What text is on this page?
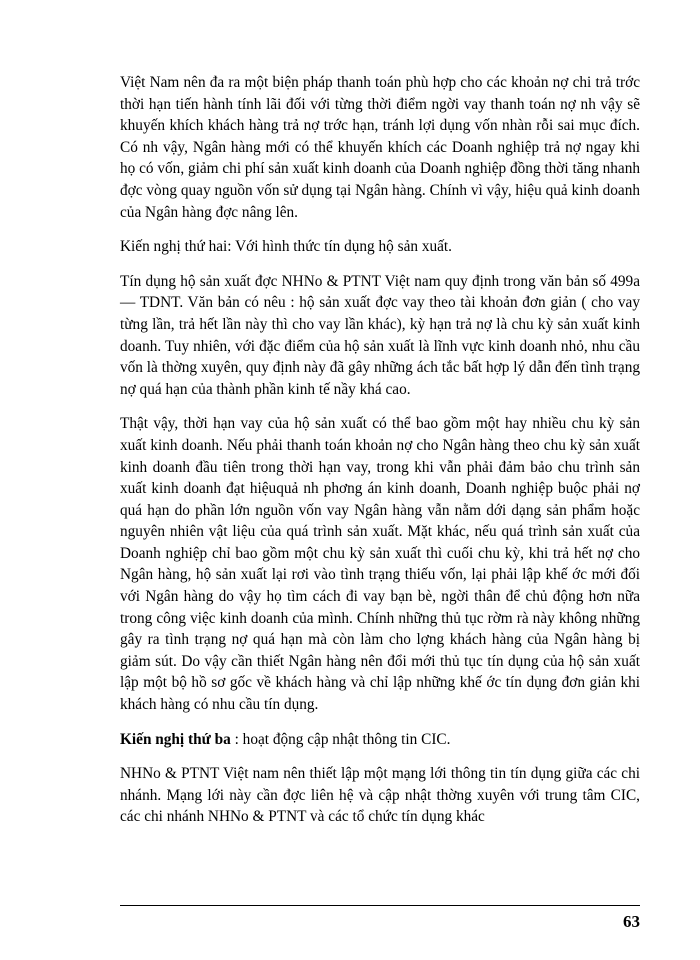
Việt Nam nên đa ra một biện pháp thanh toán phù hợp cho các khoản nợ chi trả trớc thời hạn tiến hành tính lãi đối với từng thời điểm ngời vay thanh toán nợ nh vậy sẽ khuyến khích khách hàng trả nợ trớc hạn, tránh lợi dụng vốn nhàn rỗi sai mục đích. Có nh vậy, Ngân hàng mới có thể khuyến khích các Doanh nghiệp trả nợ ngay khi họ có vốn, giảm chi phí sản xuất kinh doanh của Doanh nghiệp đồng thời tăng nhanh đợc vòng quay nguồn vốn sử dụng tại Ngân hàng. Chính vì vậy, hiệu quả kinh doanh của Ngân hàng đợc nâng lên.

Kiến nghị thứ hai: Với hình thức tín dụng hộ sản xuất.

Tín dụng hộ sản xuất đợc NHNo & PTNT Việt nam quy định trong văn bản số 499a — TDNT. Văn bản có nêu : hộ sản xuất đợc vay theo tài khoản đơn giản ( cho vay từng lần, trả hết lần này thì cho vay lần khác), kỳ hạn trả nợ là chu kỳ sản xuất kinh doanh. Tuy nhiên, với đặc điểm của hộ sản xuất là lĩnh vực kinh doanh nhỏ, nhu cầu vốn là thờng xuyên, quy định này đã gây những ách tắc bất hợp lý dẫn đến tình trạng nợ quá hạn của thành phần kinh tế nầy khá cao.

Thật vậy, thời hạn vay của hộ sản xuất có thể bao gồm một hay nhiều chu kỳ sản xuất kinh doanh. Nếu phải thanh toán khoản nợ cho Ngân hàng theo chu kỳ sản xuất kinh doanh đầu tiên trong thời hạn vay, trong khi vẫn phải đảm bảo chu trình sản xuất kinh doanh đạt hiệuquả nh phơng án kinh doanh, Doanh nghiệp buộc phải nợ quá hạn do phần lớn nguồn vốn vay Ngân hàng vẫn nằm dới dạng sản phẩm hoặc nguyên nhiên vật liệu của quá trình sản xuất. Mặt khác, nếu quá trình sản xuất của Doanh nghiệp chỉ bao gồm một chu kỳ sản xuất thì cuối chu kỳ, khi trả hết nợ cho Ngân hàng, hộ sản xuất lại rơi vào tình trạng thiếu vốn, lại phải lập khế ớc mới đối với Ngân hàng do vậy họ tìm cách đi vay bạn bè, ngời thân để chủ động hơn nữa trong công việc kinh doanh của mình. Chính những thủ tục rờm rà này không những gây ra tình trạng nợ quá hạn mà còn làm cho lợng khách hàng của Ngân hàng bị giảm sút. Do vậy cần thiết Ngân hàng nên đổi mới thủ tục tín dụng của hộ sản xuất lập một bộ hồ sơ gốc về khách hàng và chỉ lập những khế ớc tín dụng đơn giản khi khách hàng có nhu cầu tín dụng.

Kiến nghị thứ ba : hoạt động cập nhật thông tin CIC.

NHNo & PTNT Việt nam nên thiết lập một mạng lới thông tin tín dụng giữa các chi nhánh. Mạng lới này cần đợc liên hệ và cập nhật thờng xuyên với trung tâm CIC, các chi nhánh NHNo & PTNT và các tổ chức tín dụng khác

63
